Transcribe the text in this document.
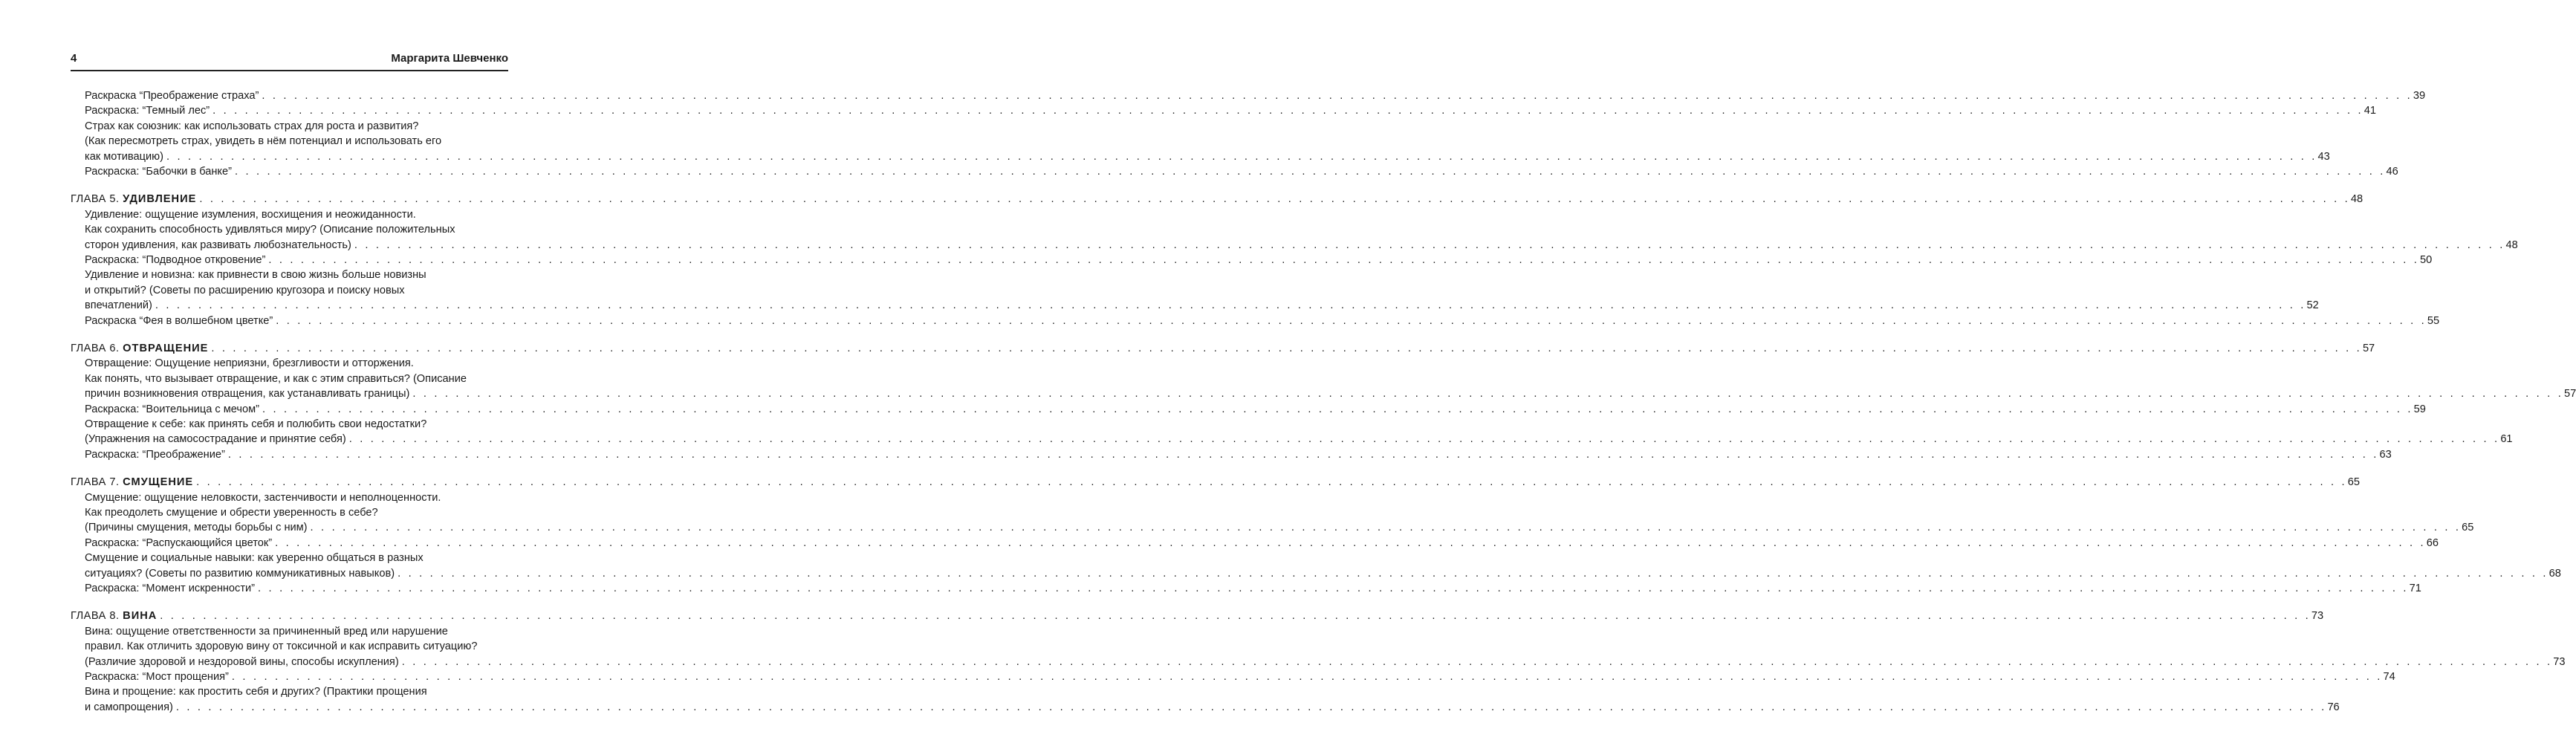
4	Маргарита Шевченко
Раскраска “Преображение страха” . . . . . . . . . . . . . . . . . . . . . . . . . . . . . . . . . . . . . . . . . . . . . . . . . . . . . . . . . . . . . . . . . . . . . . . . . . . . . . . . . . . . . . . . . . . . . . . . . . . . . . . . . . . . . . . . . . . . . . . . . . . . . . . . . . . . . . . . . . . . . . . . . . . . . . . . . . . . . . . . . . . . . . . . . . . . . . . . . . . . . . . . . . . . . . . . . . . . . . . . 39
Раскраска: “Темный лес” . . . . . . . . . . . . . . . . . . . . . . . . . . . . . . . . . . . . . . . . . . . . . . . . . . . . . . . . . . . . . . . . . . . . . . . . . . . . . . . . . . . . . . . . . . . . . . . . . . . . . . . . . . . . . . . . . . . . . . . . . . . . . . . . . . . . . . . . . . . . . . . . . . . . . . . . . . . . . . . . . . . . . . . . . . . . . . . . . . . . . . . . . . . . . . . . . . . . . . . . 41
Страх как союзник: как использовать страх для роста и развития?
(Как пересмотреть страх, увидеть в нём потенциал и использовать его
как мотивацию) . . . . . . . . . . . . . . . . . . . . . . . . . . . . . . . . . . . . . . . . . . . . . . . . . . . . . . . . . . . . . . . . . . . . . . . . . . . . . . . . . . . . . . . . . . . . . . . . . . . . . . . . . . . . . . . . . . . . . . . . . . . . . . . . . . . . . . . . . . . . . . . . . . . . . . . . . . . . . . . . . . . . . . . . . . . . . . . . . . . . . . . . . . . . . . . . . . . . . . . . 43
Раскраска: “Бабочки в банке” . . . . . . . . . . . . . . . . . . . . . . . . . . . . . . . . . . . . . . . . . . . . . . . . . . . . . . . . . . . . . . . . . . . . . . . . . . . . . . . . . . . . . . . . . . . . . . . . . . . . . . . . . . . . . . . . . . . . . . . . . . . . . . . . . . . . . . . . . . . . . . . . . . . . . . . . . . . . . . . . . . . . . . . . . . . . . . . . . . . . . . . . . . . . . . . . . . . . . . . . 46
ГЛАВА 5. УДИВЛЕНИЕ . . . . . . . . . . . . . . . . . . . . . . . . . . . . . . . . . . . . . . . . . . . . . . . . . . . . . . . . . . . . . . . . . . . . . . . . . . . . . . . . . . . . . . . . . . . . . . . . . . . . . . . . . . . . . . . . . . . . . . . . . . . . . . . . . . . . . . . . . . . . . . . . . . . . . . . . . . . . . . . . . . . . . . . . . . . . . . . . . . . . . . . . . . . . . . . . . . . . . . . . 48
Удивление: ощущение изумления, восхищения и неожиданности.
Как сохранить способность удивляться миру? (Описание положительных
сторон удивления, как развивать любознательность) . . . . . . . . . . . . . . . . . . . . . . . . . . . . . . . . . . . . . . . . . . . . . . . . . . . . . . . . . . . . . . . . . . . . . . . . . . . . . . . . . . . . . . . . . . . . . . . . . . . . . . . . . . . . . . . . . . . . . . . . . . . . . . . . . . . . . . . . . . . . . . . . . . . . . . . . . . . . . . . . . . . . . . . . . . . . . . . . . . . . . . . . . . . . . . . . . . . . . . . . 48
Раскраска: “Подводное откровение” . . . . . . . . . . . . . . . . . . . . . . . . . . . . . . . . . . . . . . . . . . . . . . . . . . . . . . . . . . . . . . . . . . . . . . . . . . . . . . . . . . . . . . . . . . . . . . . . . . . . . . . . . . . . . . . . . . . . . . . . . . . . . . . . . . . . . . . . . . . . . . . . . . . . . . . . . . . . . . . . . . . . . . . . . . . . . . . . . . . . . . . . . . . . . . . . . . . . . . . . 50
Удивление и новизна: как привнести в свою жизнь больше новизны
и открытий? (Советы по расширению кругозора и поиску новых
впечатлений) . . . . . . . . . . . . . . . . . . . . . . . . . . . . . . . . . . . . . . . . . . . . . . . . . . . . . . . . . . . . . . . . . . . . . . . . . . . . . . . . . . . . . . . . . . . . . . . . . . . . . . . . . . . . . . . . . . . . . . . . . . . . . . . . . . . . . . . . . . . . . . . . . . . . . . . . . . . . . . . . . . . . . . . . . . . . . . . . . . . . . . . . . . . . . . . . . . . . . . . . 52
Раскраска “Фея в волшебном цветке” . . . . . . . . . . . . . . . . . . . . . . . . . . . . . . . . . . . . . . . . . . . . . . . . . . . . . . . . . . . . . . . . . . . . . . . . . . . . . . . . . . . . . . . . . . . . . . . . . . . . . . . . . . . . . . . . . . . . . . . . . . . . . . . . . . . . . . . . . . . . . . . . . . . . . . . . . . . . . . . . . . . . . . . . . . . . . . . . . . . . . . . . . . . . . . . . . . . . . . . . 55
ГЛАВА 6. ОТВРАЩЕНИЕ . . . . . . . . . . . . . . . . . . . . . . . . . . . . . . . . . . . . . . . . . . . . . . . . . . . . . . . . . . . . . . . . . . . . . . . . . . . . . . . . . . . . . . . . . . . . . . . . . . . . . . . . . . . . . . . . . . . . . . . . . . . . . . . . . . . . . . . . . . . . . . . . . . . . . . . . . . . . . . . . . . . . . . . . . . . . . . . . . . . . . . . . . . . . . . . . . . . . . . . . 57
Отвращение: Ощущение неприязни, брезгливости и отторжения.
Как понять, что вызывает отвращение, и как с этим справиться? (Описание
причин возникновения отвращения, как устанавливать границы) . . . . . . . . . . . . . . . . . . . . . . . . . . . . . . . . . . . . . . . . . . . . . . . . . . . . . . . . . . . . . . . . . . . . . . . . . . . . . . . . . . . . . . . . . . . . . . . . . . . . . . . . . . . . . . . . . . . . . . . . . . . . . . . . . . . . . . . . . . . . . . . . . . . . . . . . . . . . . . . . . . . . . . . . . . . . . . . . . . . . . . . . . . . . . . . . . . . . . . . . 57
Раскраска: “Воительница с мечом” . . . . . . . . . . . . . . . . . . . . . . . . . . . . . . . . . . . . . . . . . . . . . . . . . . . . . . . . . . . . . . . . . . . . . . . . . . . . . . . . . . . . . . . . . . . . . . . . . . . . . . . . . . . . . . . . . . . . . . . . . . . . . . . . . . . . . . . . . . . . . . . . . . . . . . . . . . . . . . . . . . . . . . . . . . . . . . . . . . . . . . . . . . . . . . . . . . . . . . . . 59
Отвращение к себе: как принять себя и полюбить свои недостатки?
(Упражнения на самосострадание и принятие себя) . . . . . . . . . . . . . . . . . . . . . . . . . . . . . . . . . . . . . . . . . . . . . . . . . . . . . . . . . . . . . . . . . . . . . . . . . . . . . . . . . . . . . . . . . . . . . . . . . . . . . . . . . . . . . . . . . . . . . . . . . . . . . . . . . . . . . . . . . . . . . . . . . . . . . . . . . . . . . . . . . . . . . . . . . . . . . . . . . . . . . . . . . . . . . . . . . . . . . . . . 61
Раскраска: “Преображение” . . . . . . . . . . . . . . . . . . . . . . . . . . . . . . . . . . . . . . . . . . . . . . . . . . . . . . . . . . . . . . . . . . . . . . . . . . . . . . . . . . . . . . . . . . . . . . . . . . . . . . . . . . . . . . . . . . . . . . . . . . . . . . . . . . . . . . . . . . . . . . . . . . . . . . . . . . . . . . . . . . . . . . . . . . . . . . . . . . . . . . . . . . . . . . . . . . . . . . . . 63
ГЛАВА 7. СМУЩЕНИЕ . . . . . . . . . . . . . . . . . . . . . . . . . . . . . . . . . . . . . . . . . . . . . . . . . . . . . . . . . . . . . . . . . . . . . . . . . . . . . . . . . . . . . . . . . . . . . . . . . . . . . . . . . . . . . . . . . . . . . . . . . . . . . . . . . . . . . . . . . . . . . . . . . . . . . . . . . . . . . . . . . . . . . . . . . . . . . . . . . . . . . . . . . . . . . . . . . . . . . . . . 65
Смущение: ощущение неловкости, застенчивости и неполноценности.
Как преодолеть смущение и обрести уверенность в себе?
(Причины смущения, методы борьбы с ним) . . . . . . . . . . . . . . . . . . . . . . . . . . . . . . . . . . . . . . . . . . . . . . . . . . . . . . . . . . . . . . . . . . . . . . . . . . . . . . . . . . . . . . . . . . . . . . . . . . . . . . . . . . . . . . . . . . . . . . . . . . . . . . . . . . . . . . . . . . . . . . . . . . . . . . . . . . . . . . . . . . . . . . . . . . . . . . . . . . . . . . . . . . . . . . . . . . . . . . . . 65
Раскраска: “Распускающийся цветок” . . . . . . . . . . . . . . . . . . . . . . . . . . . . . . . . . . . . . . . . . . . . . . . . . . . . . . . . . . . . . . . . . . . . . . . . . . . . . . . . . . . . . . . . . . . . . . . . . . . . . . . . . . . . . . . . . . . . . . . . . . . . . . . . . . . . . . . . . . . . . . . . . . . . . . . . . . . . . . . . . . . . . . . . . . . . . . . . . . . . . . . . . . . . . . . . . . . . . . . . 66
Смущение и социальные навыки: как уверенно общаться в разных
ситуациях? (Советы по развитию коммуникативных навыков) . . . . . . . . . . . . . . . . . . . . . . . . . . . . . . . . . . . . . . . . . . . . . . . . . . . . . . . . . . . . . . . . . . . . . . . . . . . . . . . . . . . . . . . . . . . . . . . . . . . . . . . . . . . . . . . . . . . . . . . . . . . . . . . . . . . . . . . . . . . . . . . . . . . . . . . . . . . . . . . . . . . . . . . . . . . . . . . . . . . . . . . . . . . . . . . . . . . . . . . . 68
Раскраска: “Момент искренности” . . . . . . . . . . . . . . . . . . . . . . . . . . . . . . . . . . . . . . . . . . . . . . . . . . . . . . . . . . . . . . . . . . . . . . . . . . . . . . . . . . . . . . . . . . . . . . . . . . . . . . . . . . . . . . . . . . . . . . . . . . . . . . . . . . . . . . . . . . . . . . . . . . . . . . . . . . . . . . . . . . . . . . . . . . . . . . . . . . . . . . . . . . . . . . . . . . . . . . . . 71
ГЛАВА 8. ВИНА . . . . . . . . . . . . . . . . . . . . . . . . . . . . . . . . . . . . . . . . . . . . . . . . . . . . . . . . . . . . . . . . . . . . . . . . . . . . . . . . . . . . . . . . . . . . . . . . . . . . . . . . . . . . . . . . . . . . . . . . . . . . . . . . . . . . . . . . . . . . . . . . . . . . . . . . . . . . . . . . . . . . . . . . . . . . . . . . . . . . . . . . . . . . . . . . . . . . . . . . 73
Вина: ощущение ответственности за причиненный вред или нарушение
правил. Как отличить здоровую вину от токсичной и как исправить ситуацию?
(Различие здоровой и нездоровой вины, способы искупления) . . . . . . . . . . . . . . . . . . . . . . . . . . . . . . . . . . . . . . . . . . . . . . . . . . . . . . . . . . . . . . . . . . . . . . . . . . . . . . . . . . . . . . . . . . . . . . . . . . . . . . . . . . . . . . . . . . . . . . . . . . . . . . . . . . . . . . . . . . . . . . . . . . . . . . . . . . . . . . . . . . . . . . . . . . . . . . . . . . . . . . . . . . . . . . . . . . . . . . . . 73
Раскраска: “Мост прощения” . . . . . . . . . . . . . . . . . . . . . . . . . . . . . . . . . . . . . . . . . . . . . . . . . . . . . . . . . . . . . . . . . . . . . . . . . . . . . . . . . . . . . . . . . . . . . . . . . . . . . . . . . . . . . . . . . . . . . . . . . . . . . . . . . . . . . . . . . . . . . . . . . . . . . . . . . . . . . . . . . . . . . . . . . . . . . . . . . . . . . . . . . . . . . . . . . . . . . . . . 74
Вина и прощение: как простить себя и других? (Практики прощения
и самопрощения) . . . . . . . . . . . . . . . . . . . . . . . . . . . . . . . . . . . . . . . . . . . . . . . . . . . . . . . . . . . . . . . . . . . . . . . . . . . . . . . . . . . . . . . . . . . . . . . . . . . . . . . . . . . . . . . . . . . . . . . . . . . . . . . . . . . . . . . . . . . . . . . . . . . . . . . . . . . . . . . . . . . . . . . . . . . . . . . . . . . . . . . . . . . . . . . . . . . . . . . . 76
